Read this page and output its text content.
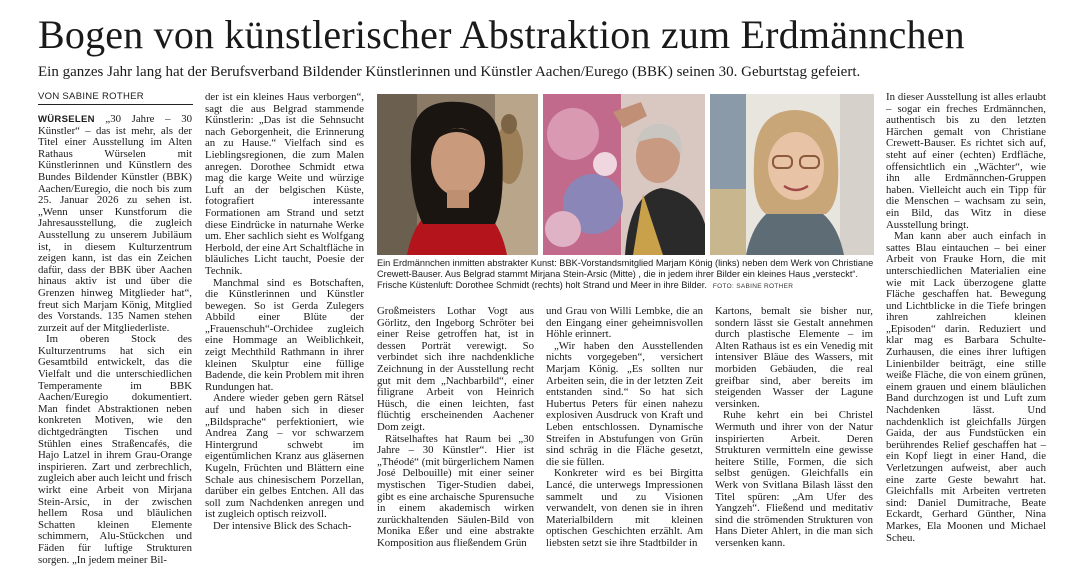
Bogen von künstlerischer Abstraktion zum Erdmännchen

Ein ganzes Jahr lang hat der Berufsverband Bildender Künstlerinnen und Künstler Aachen/Eurego (BBK) seinen 30. Geburtstag gefeiert.

VON SABINE ROTHER

WÜRSELEN „30 Jahre – 30 Künstler“ – das ist mehr, als der Titel einer Ausstellung im Alten Rathaus Würselen mit Künstlerinnen und Künstlern des Bundes Bildender Künstler (BBK) Aachen/Euregio, die noch bis zum 25. Januar 2026 zu sehen ist. „Wenn unser Kunstforum die Jahresausstellung, die zugleich Ausstellung zu unserem Jubiläum ist, in diesem Kulturzentrum zeigen kann, ist das ein Zeichen dafür, dass der BBK über Aachen hinaus aktiv ist und über die Grenzen hinweg Mitglieder hat“, freut sich Marjam König, Mitglied des Vorstands. 135 Namen stehen zurzeit auf der Mitgliederliste.

Im oberen Stock des Kulturzentrums hat sich ein Gesamtbild entwickelt, das die Vielfalt und die unterschiedlichen Temperamente im BBK Aachen/Euregio dokumentiert. Man findet Abstraktionen neben konkreten Motiven, wie den dichtgedrängten Tischen und Stühlen eines Straßencafés, die Hajo Latzel in ihrem Grau-Orange inspirieren. Zart und zerbrechlich, zugleich aber auch leicht und frisch wirkt eine Arbeit von Mirjana Stein-Arsic, in der zwischen hellem Rosa und bläulichen Schatten kleinen Elemente schimmern, Alu-Stückchen und Fäden für luftige Strukturen sorgen. „In jedem meiner Bil-

der ist ein kleines Haus verborgen“, sagt die aus Belgrad stammende Künstlerin: „Das ist die Sehnsucht nach Geborgenheit, die Erinnerung an zu Hause.“ Vielfach sind es Lieblingsregionen, die zum Malen anregen. Dorothee Schmidt etwa mag die karge Weite und würzige Luft an der belgischen Küste, fotografiert interessante Formationen am Strand und setzt diese Eindrücke in naturnahe Werke um. Eher sachlich sieht es Wolfgang Herbold, der eine Art Schaltfläche in bläuliches Licht taucht, Poesie der Technik.

Manchmal sind es Botschaften, die Künstlerinnen und Künstler bewegen. So ist Gerda Zulegers Abbild einer Blüte der „Frauenschuh“-Orchidee zugleich eine Hommage an Weiblichkeit, zeigt Mechthild Rathmann in ihrer kleinen Skulptur eine füllige Badende, die kein Problem mit ihren Rundungen hat.

Andere wieder geben gern Rätsel auf und haben sich in dieser „Bildsprache“ perfektioniert, wie Andrea Zang – vor schwarzem Hintergrund schwebt im eigentümlichen Kranz aus gläsernen Kugeln, Früchten und Blättern eine Schale aus chinesischem Porzellan, darüber ein gelbes Entchen. All das soll zum Nachdenken anregen und ist zugleich optisch reizvoll.

Der intensive Blick des Schach-

Ein Erdmännchen inmitten abstrakter Kunst: BBK-Vorstandsmitglied Marjam König (links) neben dem Werk von Christiane Crewett-Bauser. Aus Belgrad stammt Mirjana Stein-Arsic (Mitte) , die in jedem ihrer Bilder ein kleines Haus „versteckt“. Frische Küstenluft: Dorothee Schmidt (rechts) holt Strand und Meer in ihre Bilder. FOTO: SABINE ROTHER

Großmeisters Lothar Vogt aus Görlitz, den Ingeborg Schröter bei einer Reise getroffen hat, ist in dessen Porträt verewigt. So verbindet sich ihre nachdenkliche Zeichnung in der Ausstellung recht gut mit dem „Nachbarbild“, einer filigrane Arbeit von Heinrich Hüsch, die einen leichten, fast flüchtig erscheinenden Aachener Dom zeigt.

Rätselhaftes hat Raum bei „30 Jahre – 30 Künstler“. Hier ist „Théodé“ (mit bürgerlichem Namen José Delbouille) mit einer seiner mystischen Tiger-Studien dabei, gibt es eine archaische Spurensuche in einem akademisch wirken zurückhaltenden Säulen-Bild von Monika Eßer und eine abstrakte Komposition aus fließendem Grün

und Grau von Willi Lembke, die an den Eingang einer geheimnisvollen Höhle erinnert.

„Wir haben den Ausstellenden nichts vorgegeben“, versichert Marjam König. „Es sollten nur Arbeiten sein, die in der letzten Zeit entstanden sind.“ So hat sich Hubertus Peters für einen nahezu explosiven Ausdruck von Kraft und Leben entschlossen. Dynamische Streifen in Abstufungen von Grün sind schräg in die Fläche gesetzt, die sie füllen.

Konkreter wird es bei Birgitta Lancé, die unterwegs Impressionen sammelt und zu Visionen verwandelt, von denen sie in ihren Materialbildern mit kleinen optischen Geschichten erzählt. Am liebsten setzt sie ihre Stadtbilder in

Kartons, bemalt sie bisher nur, sondern lässt sie Gestalt annehmen durch plastische Elemente – im Alten Rathaus ist es ein Venedig mit intensiver Bläue des Wassers, mit morbiden Gebäuden, die real greifbar sind, aber bereits im steigenden Wasser der Lagune versinken.

Ruhe kehrt ein bei Christel Wermuth und ihrer von der Natur inspirierten Arbeit. Deren Strukturen vermitteln eine gewisse heitere Stille, Formen, die sich selbst genügen. Gleichfalls ein Werk von Svitlana Bilash lässt den Titel spüren: „Am Ufer des Yangzeh“. Fließend und meditativ sind die strömenden Strukturen von Hans Dieter Ahlert, in die man sich versenken kann.

In dieser Ausstellung ist alles erlaubt – sogar ein freches Erdmännchen, authentisch bis zu den letzten Härchen gemalt von Christiane Crewett-Bauser. Es richtet sich auf, steht auf einer (echten) Erdfläche, offensichtlich ein „Wächter“, wie ihn alle Erdmännchen-Gruppen haben. Vielleicht auch ein Tipp für die Menschen – wachsam zu sein, ein Bild, das Witz in diese Ausstellung bringt.

Man kann aber auch einfach in sattes Blau eintauchen – bei einer Arbeit von Frauke Horn, die mit unterschiedlichen Materialien eine wie mit Lack überzogene glatte Fläche geschaffen hat. Bewegung und Lichtblicke in die Tiefe bringen ihren zahlreichen kleinen „Episoden“ darin. Reduziert und klar mag es Barbara Schulte-Zurhausen, die eines ihrer luftigen Linienbilder beiträgt, eine stille weiße Fläche, die von einem grünen, einem grauen und einem bläulichen Band durchzogen ist und Luft zum Nachdenken lässt. Und nachdenklich ist gleichfalls Jürgen Gaida, der aus Fundstücken ein berührendes Relief geschaffen hat – ein Kopf liegt in einer Hand, die Verletzungen aufweist, aber auch eine zarte Geste bewahrt hat. Gleichfalls mit Arbeiten vertreten sind: Daniel Dumitrache, Beate Eckardt, Gerhard Günther, Nina Markes, Ela Moonen und Michael Scheu.
